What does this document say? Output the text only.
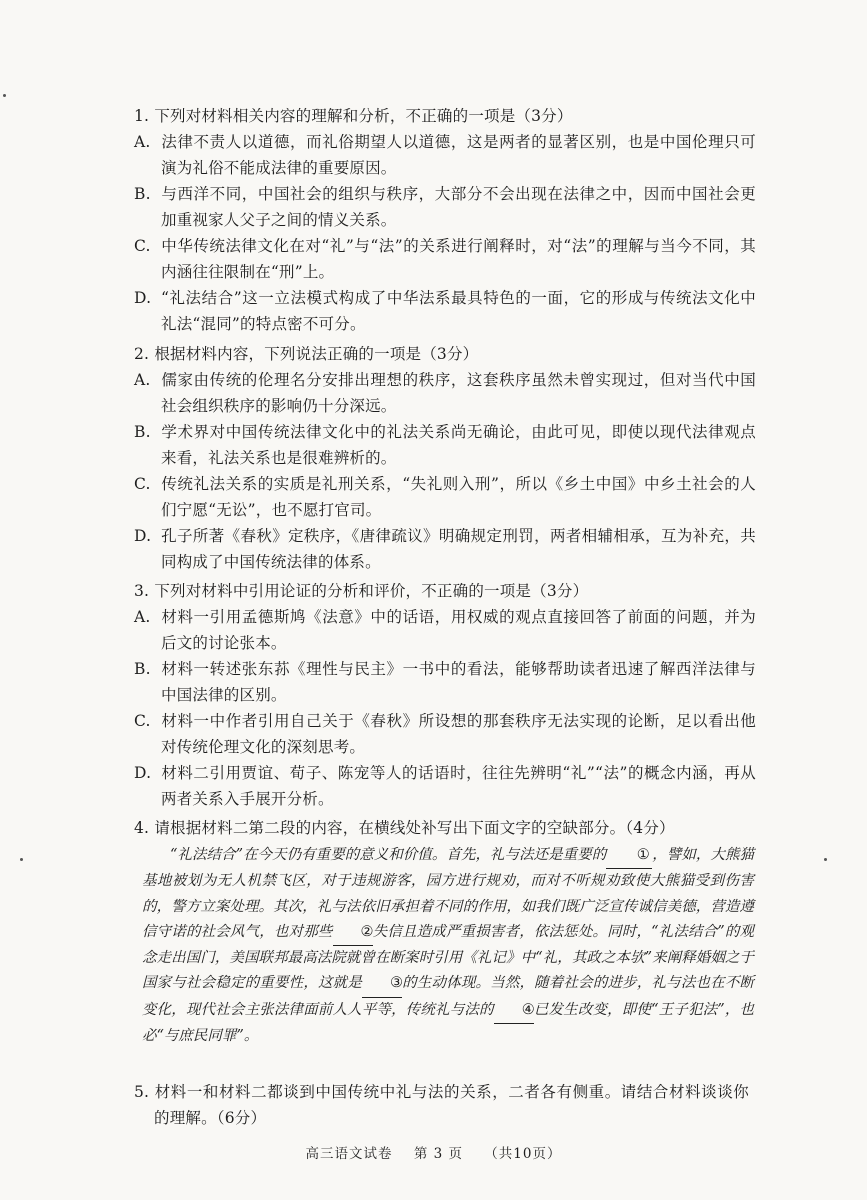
1. 下列对材料相关内容的理解和分析，不正确的一项是（3分）
A. 法律不责人以道德，而礼俗期望人以道德，这是两者的显著区别，也是中国伦理只可演为礼俗不能成法律的重要原因。
B. 与西洋不同，中国社会的组织与秩序，大部分不会出现在法律之中，因而中国社会更加重视家人父子之间的情义关系。
C. 中华传统法律文化在对“礼”与“法”的关系进行阐释时，对“法”的理解与当今不同，其内涵往往限制在“刑”上。
D. “礼法结合”这一立法模式构成了中华法系最具特色的一面，它的形成与传统法文化中礼法“混同”的特点密不可分。
2. 根据材料内容，下列说法正确的一项是（3分）
A. 儒家由传统的伦理名分安排出理想的秩序，这套秩序虽然未曾实现过，但对当代中国社会组织秩序的影响仍十分深远。
B. 学术界对中国传统法律文化中的礼法关系尚无确论，由此可见，即使以现代法律观点来看，礼法关系也是很难辨析的。
C. 传统礼法关系的实质是礼刑关系，“失礼则入刑”，所以《乡土中国》中乡土社会的人们宁愿“无讼”，也不愿打官司。
D. 孔子所著《春秋》定秩序，《唐律疏议》明确规定刑罚，两者相辅相承，互为补充，共同构成了中国传统法律的体系。
3. 下列对材料中引用论证的分析和评价，不正确的一项是（3分）
A. 材料一引用孟德斯鸠《法意》中的话语，用权威的观点直接回答了前面的问题，并为后文的讨论张本。
B. 材料一转述张东荪《理性与民主》一书中的看法，能够帮助读者迅速了解西洋法律与中国法律的区别。
C. 材料一中作者引用自己关于《春秋》所设想的那套秩序无法实现的论断，足以看出他对传统伦理文化的深刻思考。
D. 材料二引用贾谊、荀子、陈宠等人的话语时，往往先辨明“礼”“法”的概念内涵，再从两者关系入手展开分析。
4. 请根据材料二第二段的内容，在横线处补写出下面文字的空缺部分。（4分）

“礼法结合”在今天仍有重要的意义和价值。首先，礼与法还是重要的 ① ，譬如，大熊猫基地被划为无人机禁飞区，对于违规游客，园方进行规劝，而对不听规劝致使大熊猫受到伤害的，警方立案处理。其次，礼与法依旧承担着不同的作用，如我们既广泛宣传诚信美德，营造遵信守诺的社会风气，也对那些 ②失信且造成严重损害者，依法惩处。同时，“礼法结合”的观念走出国门，美国联邦最高法院就曾在断案时引用《礼记》中“礼，其政之本欤”来阐释婚姻之于国家与社会稳定的重要性，这就是 ③的生动体现。当然，随着社会的进步，礼与法也在不断变化，现代社会主张法律面前人人平等，传统礼与法的 ④已发生改变，即使“王子犯法”，也必“与庶民同罪”。

5. 材料一和材料二都谈到中国传统中礼与法的关系，二者各有侧重。请结合材料谈谈你的理解。（6分）
高三语文试卷 第 3 页 （共10页）
